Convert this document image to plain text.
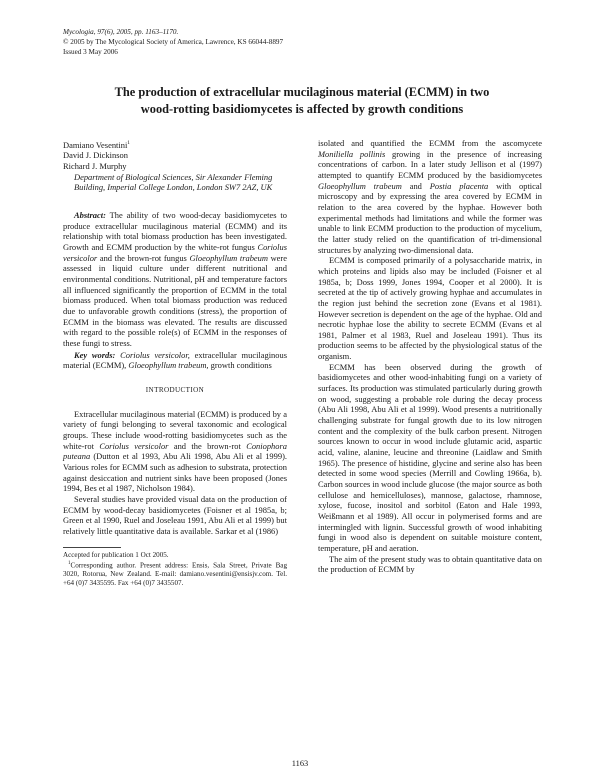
Mycologia, 97(6), 2005, pp. 1163–1170.
© 2005 by The Mycological Society of America, Lawrence, KS 66044-8897
Issued 3 May 2006
The production of extracellular mucilaginous material (ECMM) in two
wood-rotting basidiomycetes is affected by growth conditions
Damiano Vesentini$^1$
David J. Dickinson
Richard J. Murphy
Department of Biological Sciences, Sir Alexander Fleming Building, Imperial College London, London SW7 2AZ, UK

Abstract: The ability of two wood-decay basidiomycetes to produce extracellular mucilaginous material (ECMM) and its relationship with total biomass production has been investigated. Growth and ECMM production by the white-rot fungus Coriolus versicolor and the brown-rot fungus Gloeophyllum trabeum were assessed in liquid culture under different nutritional and environmental conditions. Nutritional, pH and temperature factors all influenced significantly the proportion of ECMM in the total biomass produced. When total biomass production was reduced due to unfavorable growth conditions (stress), the proportion of ECMM in the biomass was elevated. The results are discussed with regard to the possible role(s) of ECMM in the responses of these fungi to stress.

Key words: Coriolus versicolor, extracellular mucilaginous material (ECMM), Gloeophyllum trabeum, growth conditions

INTRODUCTION

Extracellular mucilaginous material (ECMM) is produced by a variety of fungi belonging to several taxonomic and ecological groups. These include wood-rotting basidiomycetes such as the white-rot Coriolus versicolor and the brown-rot Coniophora puteana (Dutton et al 1993, Abu Ali 1998, Abu Ali et al 1999). Various roles for ECMM such as adhesion to substrata, protection against desiccation and nutrient sinks have been proposed (Jones 1994, Bes et al 1987, Nicholson 1984).

Several studies have provided visual data on the production of ECMM by wood-decay basidiomycetes (Foisner et al 1985a, b; Green et al 1990, Ruel and Joseleau 1991, Abu Ali et al 1999) but relatively little quantitative data is available. Sarkar et al (1986)

Accepted for publication 1 Oct 2005.

$^1$Corresponding author. Present address: Ensis, Sala Street, Private Bag 3020, Rotorua, New Zealand. E-mail: damiano.vesentini@ensisjv.com. Tel. +64 (0)7 3435595. Fax +64 (0)7 3435507.

isolated and quantified the ECMM from the ascomycete Moniliella pollinis growing in the presence of increasing concentrations of carbon. In a later study Jellison et al (1997) attempted to quantify ECMM produced by the basidiomycetes Gloeophyllum trabeum and Postia placenta with optical microscopy and by expressing the area covered by ECMM in relation to the area covered by the hyphae. However both experimental methods had limitations and while the former was unable to link ECMM production to the production of mycelium, the latter study relied on the quantification of tri-dimensional structures by analyzing two-dimensional data.

ECMM is composed primarily of a polysaccharide matrix, in which proteins and lipids also may be included (Foisner et al 1985a, b; Doss 1999, Jones 1994, Cooper et al 2000). It is secreted at the tip of actively growing hyphae and accumulates in the region just behind the secretion zone (Evans et al 1981). However secretion is dependent on the age of the hyphae. Old and necrotic hyphae lose the ability to secrete ECMM (Evans et al 1981, Palmer et al 1983, Ruel and Joseleau 1991). Thus its production seems to be affected by the physiological status of the organism.

ECMM has been observed during the growth of basidiomycetes and other wood-inhabiting fungi on a variety of surfaces. Its production was stimulated particularly during growth on wood, suggesting a probable role during the decay process (Abu Ali 1998, Abu Ali et al 1999). Wood presents a nutritionally challenging substrate for fungal growth due to its low nitrogen content and the complexity of the bulk carbon present. Nitrogen sources known to occur in wood include glutamic acid, aspartic acid, valine, alanine, leucine and threonine (Laidlaw and Smith 1965). The presence of histidine, glycine and serine also has been detected in some wood species (Merrill and Cowling 1966a, b). Carbon sources in wood include glucose (the major source as both cellulose and hemicelluloses), mannose, galactose, rhamnose, xylose, fucose, inositol and sorbitol (Eaton and Hale 1993, Weißmann et al 1989). All occur in polymerised forms and are intermingled with lignin. Successful growth of wood inhabiting fungi in wood also is dependent on suitable moisture content, temperature, pH and aeration.

The aim of the present study was to obtain quantitative data on the production of ECMM by

1163
